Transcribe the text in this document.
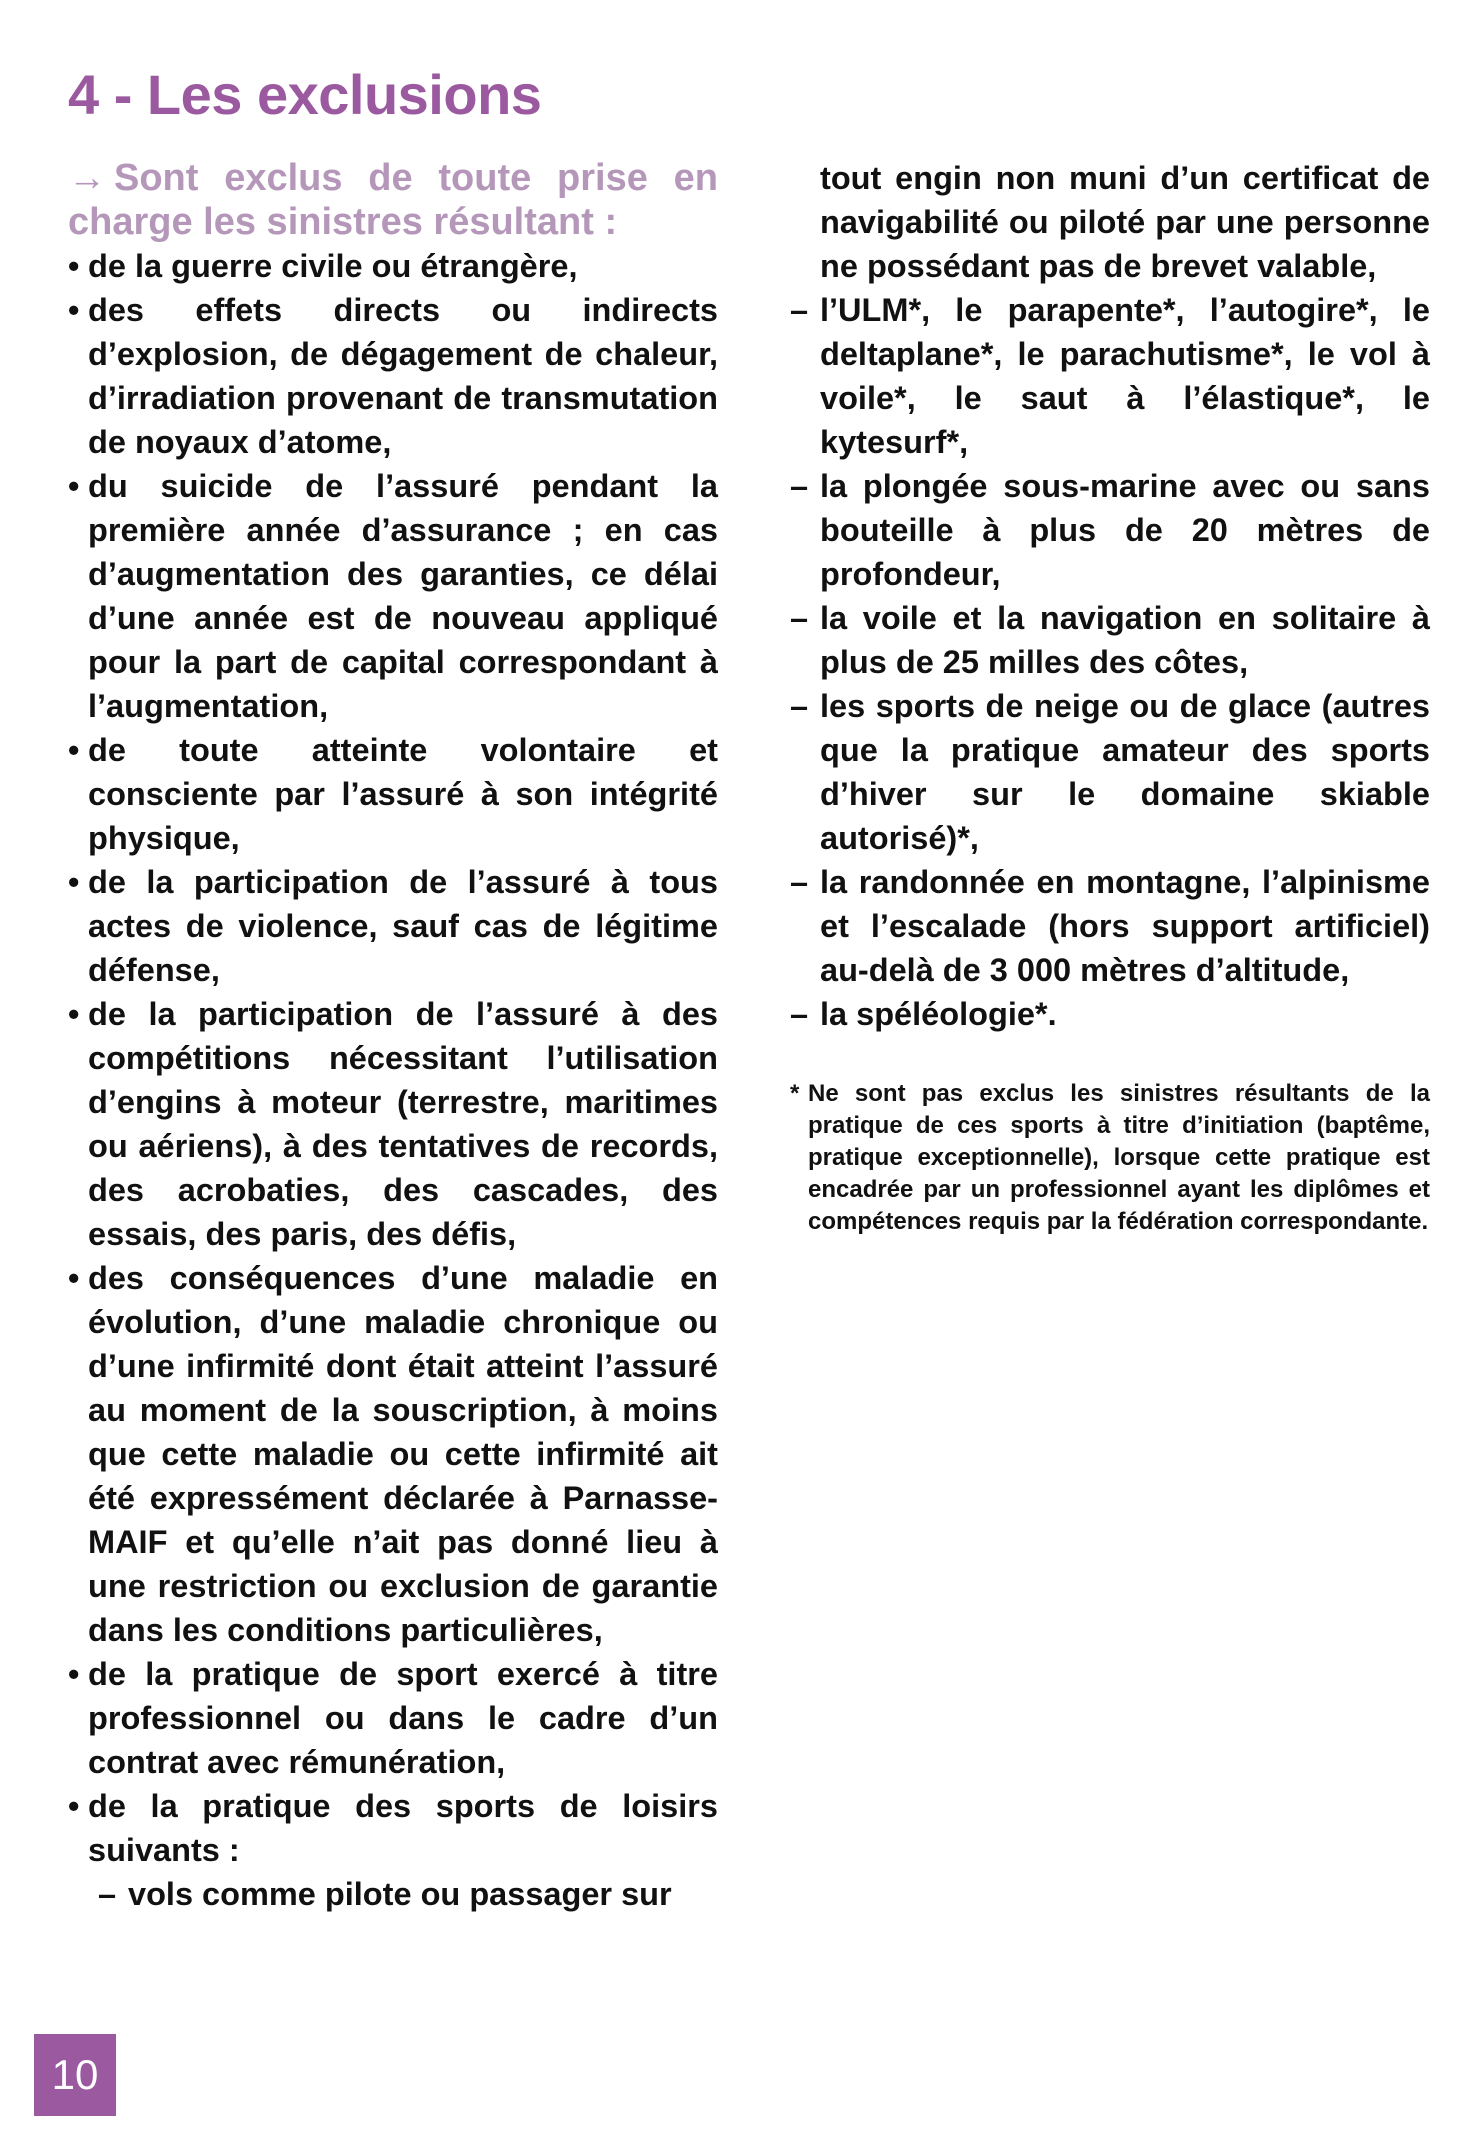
4 - Les exclusions

→ Sont exclus de toute prise en charge les sinistres résultant :

• de la guerre civile ou étrangère,
• des effets directs ou indirects d’explosion, de dégagement de chaleur, d’irradiation provenant de transmutation de noyaux d’atome,
• du suicide de l’assuré pendant la première année d’assurance ; en cas d’augmentation des garanties, ce délai d’une année est de nouveau appliqué pour la part de capital correspondant à l’augmentation,
• de toute atteinte volontaire et consciente par l’assuré à son intégrité physique,
• de la participation de l’assuré à tous actes de violence, sauf cas de légitime défense,
• de la participation de l’assuré à des compétitions nécessitant l’utilisation d’engins à moteur (terrestre, maritimes ou aériens), à des tentatives de records, des acrobaties, des cascades, des essais, des paris, des défis,
• des conséquences d’une maladie en évolution, d’une maladie chronique ou d’une infirmité dont était atteint l’assuré au moment de la souscription, à moins que cette maladie ou cette infirmité ait été expressément déclarée à Parnasse-MAIF et qu’elle n’ait pas donné lieu à une restriction ou exclusion de garantie dans les conditions particulières,
• de la pratique de sport exercé à titre professionnel ou dans le cadre d’un contrat avec rémunération,
• de la pratique des sports de loisirs suivants :
– vols comme pilote ou passager sur

tout engin non muni d’un certificat de navigabilité ou piloté par une personne ne possédant pas de brevet valable,

– l’ULM*, le parapente*, l’autogire*, le deltaplane*, le parachutisme*, le vol à voile*, le saut à l’élastique*, le kytesurf*,
– la plongée sous-marine avec ou sans bouteille à plus de 20 mètres de profondeur,
– la voile et la navigation en solitaire à plus de 25 milles des côtes,
– les sports de neige ou de glace (autres que la pratique amateur des sports d’hiver sur le domaine skiable autorisé)*,
– la randonnée en montagne, l’alpinisme et l’escalade (hors support artificiel) au-delà de 3 000 mètres d’altitude,
– la spéléologie*.

* Ne sont pas exclus les sinistres résultants de la pratique de ces sports à titre d’initiation (baptême, pratique exceptionnelle), lorsque cette pratique est encadrée par un professionnel ayant les diplômes et compétences requis par la fédération correspondante.

10
